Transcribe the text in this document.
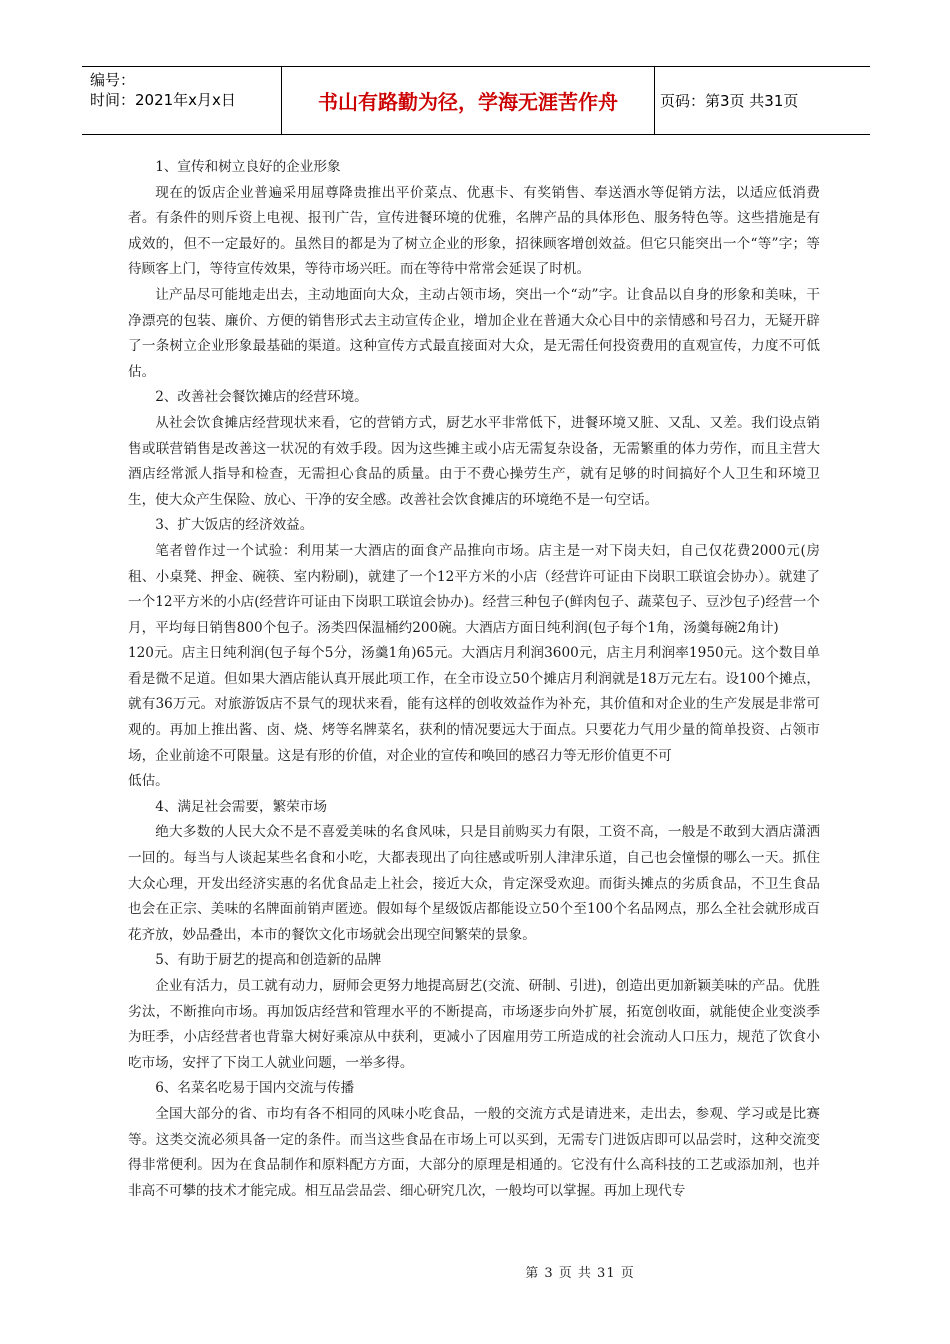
编号：
时间：2021年x月x日	书山有路勤为径，学海无涯苦作舟	页码：第3页 共31页

1、宣传和树立良好的企业形象

现在的饭店企业普遍采用屈尊降贵推出平价菜点、优惠卡、有奖销售、奉送酒水等促销方法，以适应低消费者。有条件的则斥资上电视、报刊广告，宣传进餐环境的优雅，名牌产品的具体形色、服务特色等。这些措施是有成效的，但不一定最好的。虽然目的都是为了树立企业的形象，招徕顾客增创效益。但它只能突出一个“等”字；等待顾客上门，等待宣传效果，等待市场兴旺。而在等待中常常会延误了时机。

让产品尽可能地走出去，主动地面向大众，主动占领市场，突出一个“动”字。让食品以自身的形象和美味，干净漂亮的包装、廉价、方便的销售形式去主动宣传企业，增加企业在普通大众心目中的亲情感和号召力，无疑开辟了一条树立企业形象最基础的渠道。这种宣传方式最直接面对大众，是无需任何投资费用的直观宣传，力度不可低估。

2、改善社会餐饮摊店的经营环境。

从社会饮食摊店经营现状来看，它的营销方式，厨艺水平非常低下，进餐环境又脏、又乱、又差。我们设点销售或联营销售是改善这一状况的有效手段。因为这些摊主或小店无需复杂设备，无需繁重的体力劳作，而且主营大酒店经常派人指导和检查，无需担心食品的质量。由于不费心操劳生产，就有足够的时间搞好个人卫生和环境卫生，使大众产生保险、放心、干净的安全感。改善社会饮食摊店的环境绝不是一句空话。

3、扩大饭店的经济效益。

笔者曾作过一个试验：利用某一大酒店的面食产品推向市场。店主是一对下岗夫妇，自己仅花费2000元(房租、小桌凳、押金、碗筷、室内粉刷)，就建了一个12平方米的小店（经营许可证由下岗职工联谊会协办）。就建了一个12平方米的小店(经营许可证由下岗职工联谊会协办)。经营三种包子(鲜肉包子、蔬菜包子、豆沙包子)经营一个月，平均每日销售800个包子。汤类四保温桶约200碗。大酒店方面日纯利润(包子每个1角，汤羹每碗2角计)

120元。店主日纯利润(包子每个5分，汤羹1角)65元。大酒店月利润3600元，店主月利润率1950元。这个数目单看是微不足道。但如果大酒店能认真开展此项工作，在全市设立50个摊店月利润就是18万元左右。设100个摊点，就有36万元。对旅游饭店不景气的现状来看，能有这样的创收效益作为补充，其价值和对企业的生产发展是非常可观的。再加上推出酱、卤、烧、烤等名牌菜名，获利的情况要远大于面点。只要花力气用少量的简单投资、占领市场，企业前途不可限量。这是有形的价值，对企业的宣传和唤回的感召力等无形价值更不可

低估。

4、满足社会需要，繁荣市场

绝大多数的人民大众不是不喜爱美味的名食风味，只是目前购买力有限，工资不高，一般是不敢到大酒店潇洒一回的。每当与人谈起某些名食和小吃，大都表现出了向往感或听别人津津乐道，自己也会憧憬的哪么一天。抓住大众心理，开发出经济实惠的名优食品走上社会，接近大众，肯定深受欢迎。而街头摊点的劣质食品，不卫生食品也会在正宗、美味的名牌面前销声匿迹。假如每个星级饭店都能设立50个至100个名品网点，那么全社会就形成百花齐放，妙品叠出，本市的餐饮文化市场就会出现空间繁荣的景象。

5、有助于厨艺的提高和创造新的品牌

企业有活力，员工就有动力，厨师会更努力地提高厨艺(交流、研制、引进)，创造出更加新颖美味的产品。优胜劣汰，不断推向市场。再加饭店经营和管理水平的不断提高，市场逐步向外扩展，拓宽创收面，就能使企业变淡季为旺季，小店经营者也背靠大树好乘凉从中获利，更减小了因雇用劳工所造成的社会流动人口压力，规范了饮食小吃市场，安抨了下岗工人就业问题，一举多得。

6、名菜名吃易于国内交流与传播

全国大部分的省、市均有各不相同的风味小吃食品，一般的交流方式是请进来，走出去，参观、学习或是比赛等。这类交流必须具备一定的条件。而当这些食品在市场上可以买到，无需专门进饭店即可以品尝时，这种交流变得非常便利。因为在食品制作和原料配方方面，大部分的原理是相通的。它没有什么高科技的工艺或添加剂，也并非高不可攀的技术才能完成。相互品尝品尝、细心研究几次，一般均可以掌握。再加上现代专

第 3 页 共 31 页
